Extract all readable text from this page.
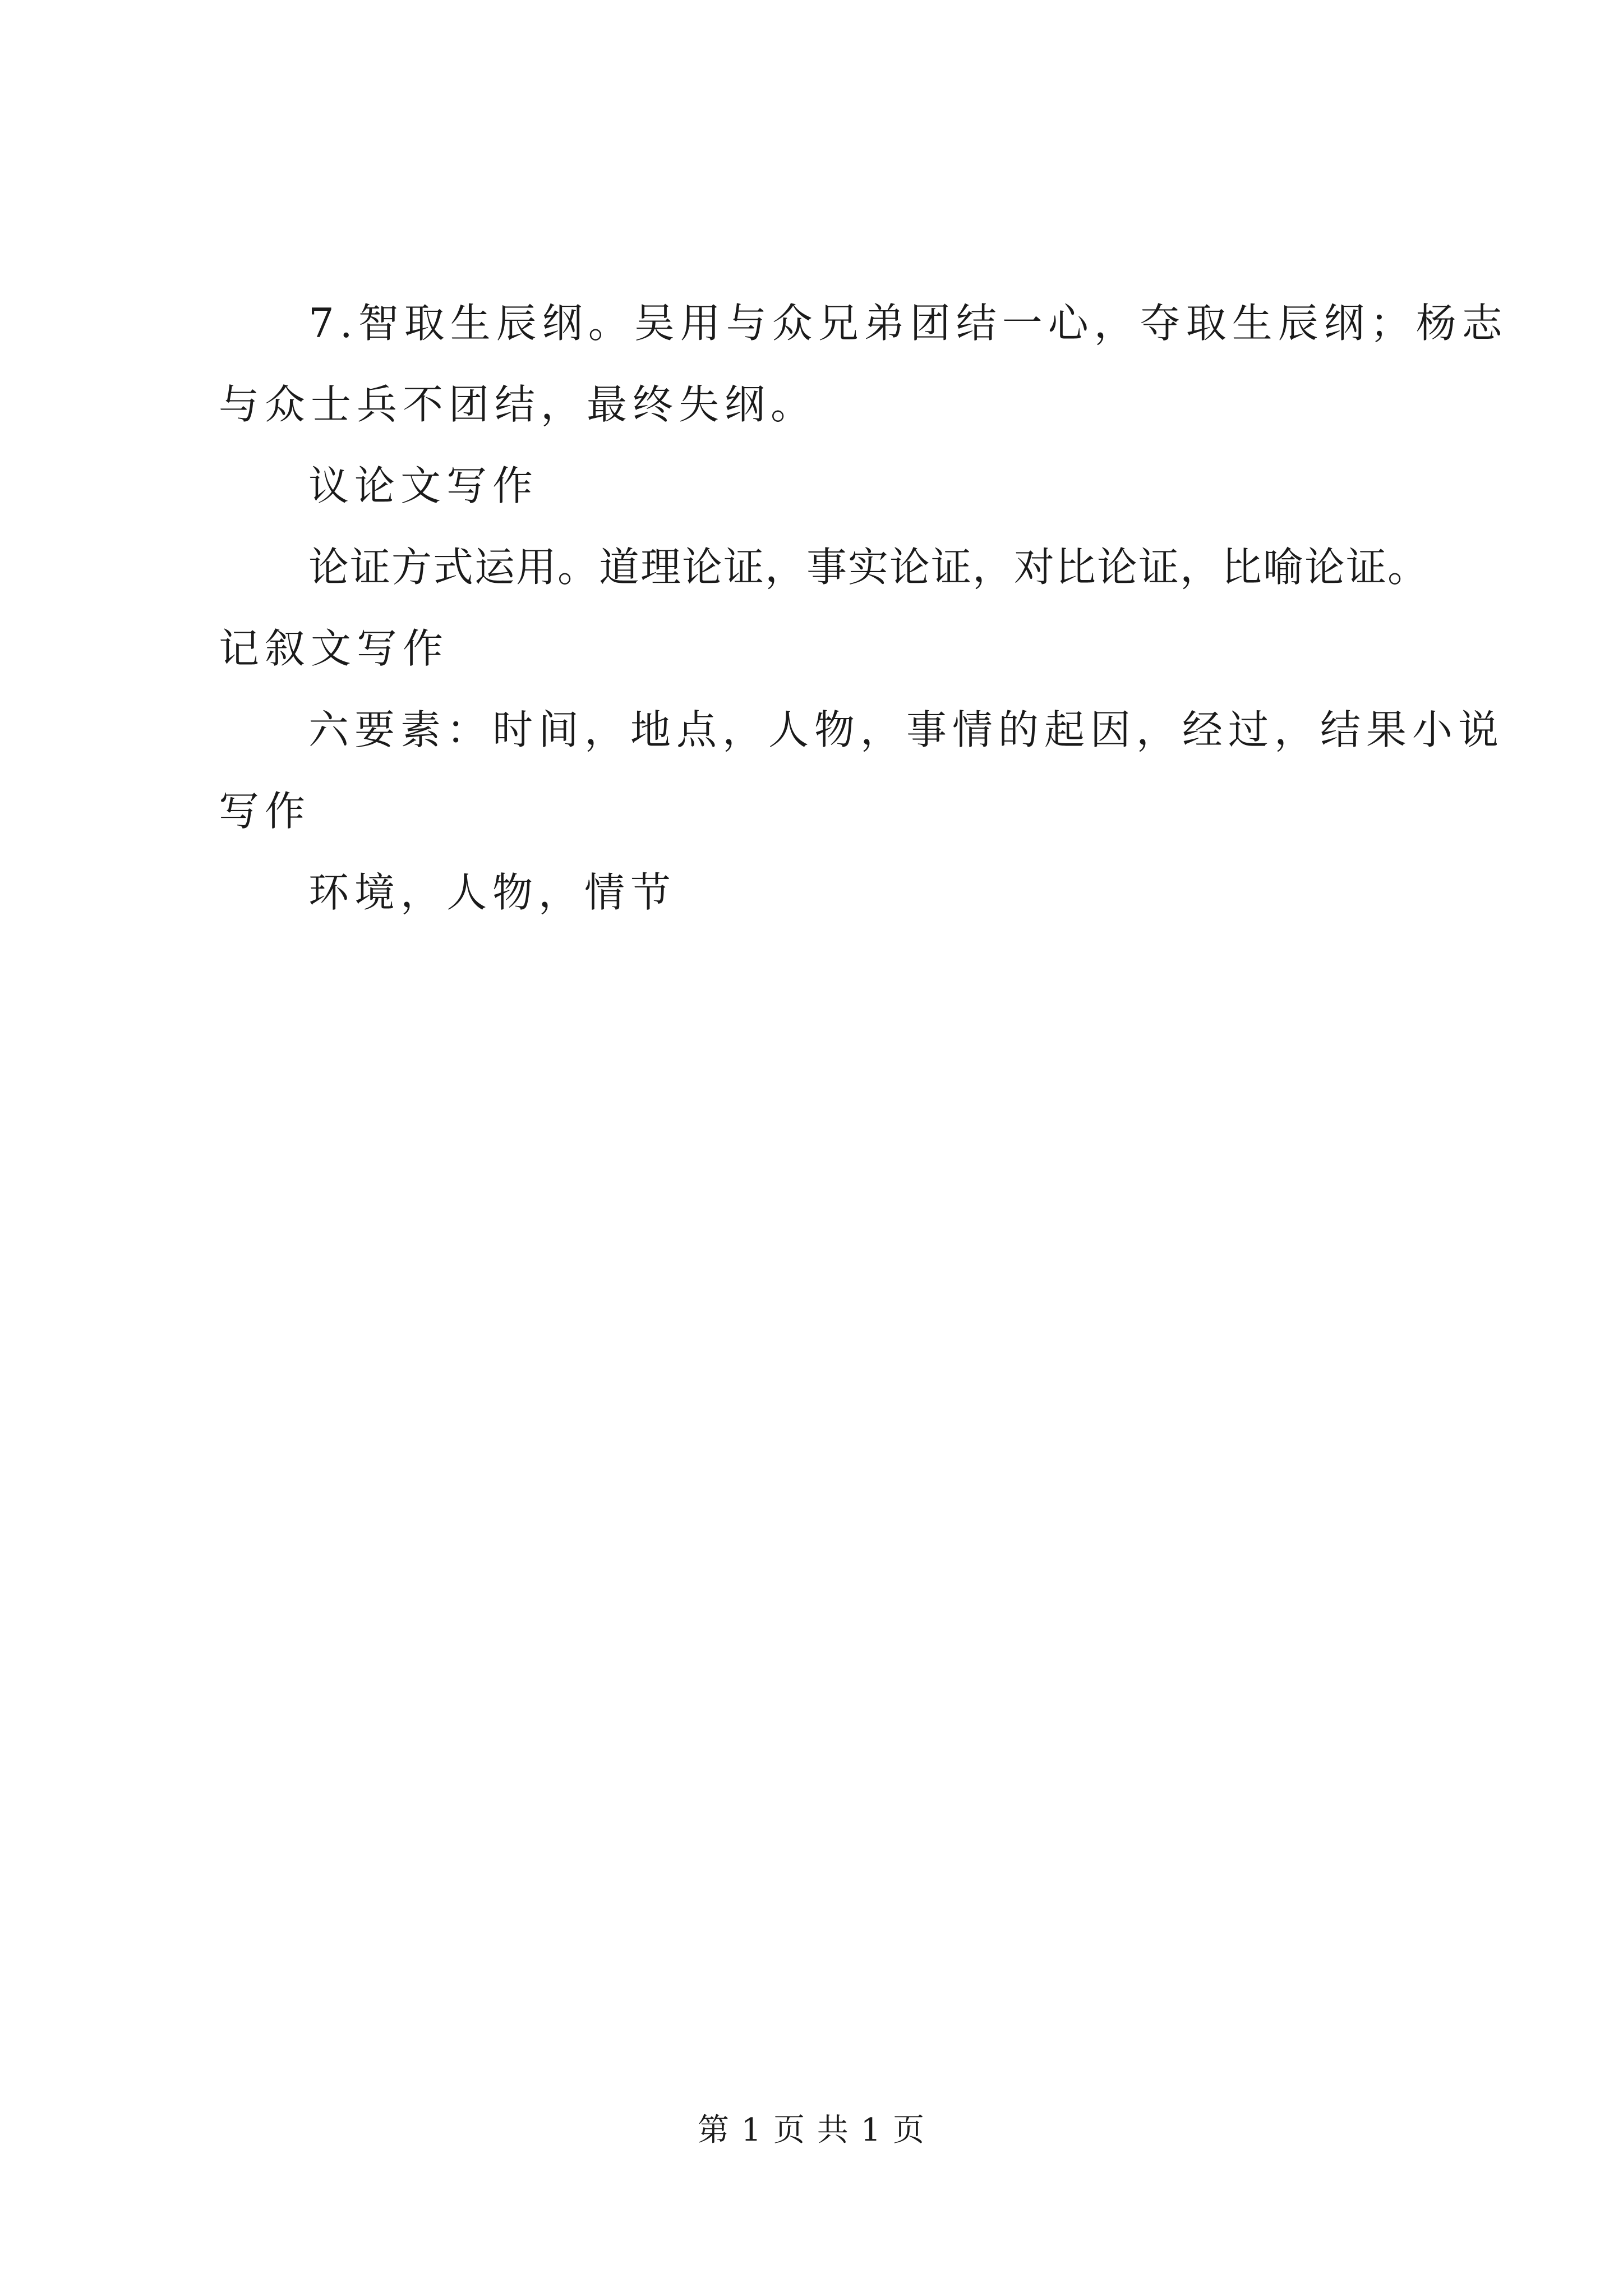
7.智取生辰纲。吴用与众兄弟团结一心，夺取生辰纲；杨志
与众士兵不团结，最终失纲。
议论文写作
论证方式运用。道理论证，事实论证，对比论证，比喻论证。
记叙文写作
六要素：时间，地点，人物，事情的起因，经过，结果小说
写作
环境，人物，情节
第 1 页 共 1 页
